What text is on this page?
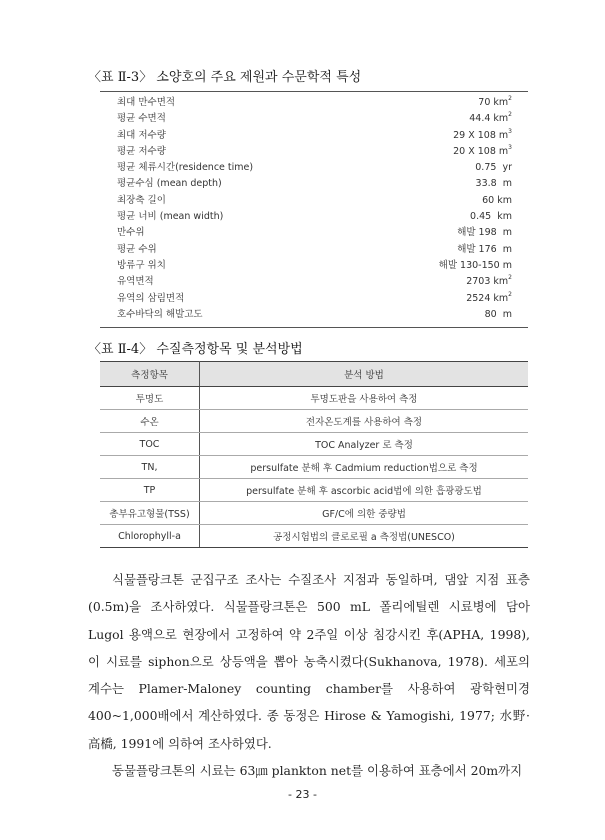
〈표 Ⅱ-3〉 소양호의 주요 제원과 수문학적 특성
최대 만수면적	70 $km^2$
평균 수면적	44.4 $km^2$
최대 저수량	29 X 108 $m^3$
평균 저수량	20 X 108 $m^3$
평균 체류시간(residence time)	0.75  yr
평균수심 (mean depth)	33.8  m
최장축 길이	60 km
평균 너비 (mean width)	0.45  km
만수위	해발 198  m
평균 수위	해발 176  m
방류구 위치	해발 130-150 m
유역면적	2703 $km^2$
유역의 삼림면적	2524 $km^2$
호수바닥의 해발고도	80  m
〈표 Ⅱ-4〉 수질측정항목 및 분석방법
측정항목	분석 방법
투명도	투명도판을 사용하여 측정
수온	전자온도계를 사용하여 측정
TOC	TOC Analyzer 로 측정
TN,	persulfate 분해 후 Cadmium reduction법으로 측정
TP	persulfate 분해 후 ascorbic acid법에 의한 흡광광도법
총부유고형물(TSS)	GF/C에 의한 중량법
Chlorophyll-a	공정시험법의 클로로필 a 측정법(UNESCO)
식물플랑크톤 군집구조 조사는 수질조사 지점과 동일하며, 댐앞 지점 표층(0.5m)을 조사하였다. 식물플랑크톤은 500 mL 폴리에틸렌 시료병에 담아 Lugol 용액으로 현장에서 고정하여 약 2주일 이상 침강시킨 후(APHA, 1998), 이 시료를 siphon으로 상등액을 뽑아 농축시켰다(Sukhanova, 1978). 세포의 계수는 Plamer-Maloney counting chamber를 사용하여 광학현미경 400~1,000배에서 계산하였다. 종 동정은 Hirose & Yamogishi, 1977; 水野·高橋, 1991에 의하여 조사하였다.
동물플랑크톤의 시료는 63㎛ plankton net를 이용하여 표층에서 20m까지
- 23 -
